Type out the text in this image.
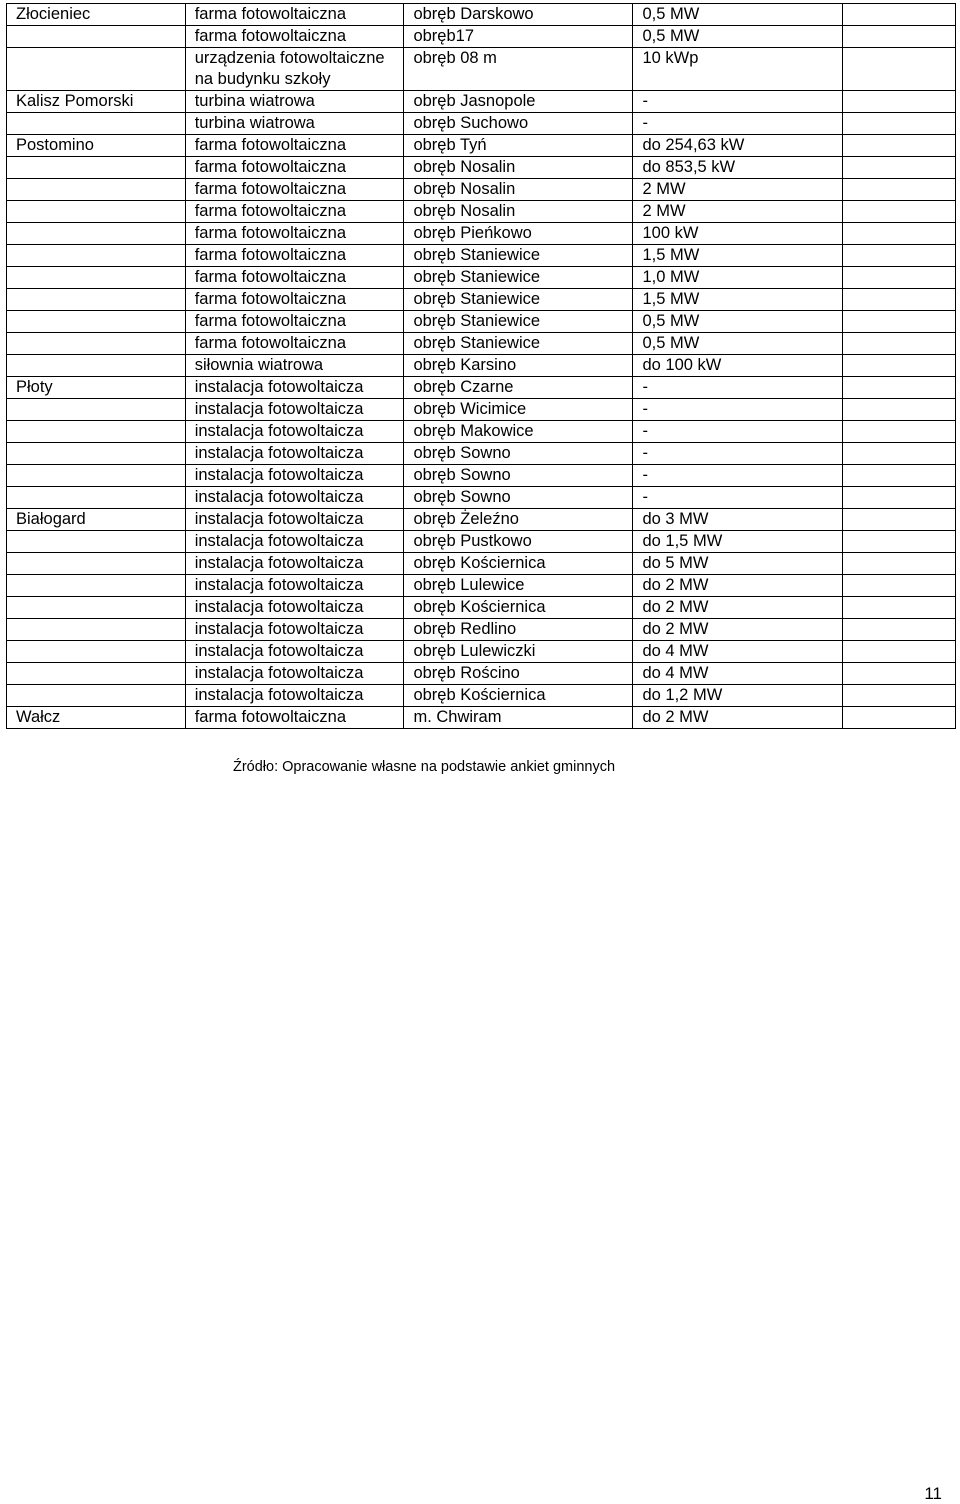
Złocieniec	farma fotowoltaiczna	obręb Darskowo	0,5 MW	
	farma fotowoltaiczna	obręb17	0,5 MW	
	urządzenia fotowoltaiczne na budynku szkoły	obręb 08 m	10 kWp	
Kalisz Pomorski	turbina wiatrowa	obręb Jasnopole	-	
	turbina wiatrowa	obręb Suchowo	-	
Postomino	farma fotowoltaiczna	obręb Tyń	do 254,63 kW	
	farma fotowoltaiczna	obręb Nosalin	do 853,5 kW	
	farma fotowoltaiczna	obręb Nosalin	2 MW	
	farma fotowoltaiczna	obręb Nosalin	2 MW	
	farma fotowoltaiczna	obręb Pieńkowo	100 kW	
	farma fotowoltaiczna	obręb Staniewice	1,5 MW	
	farma fotowoltaiczna	obręb Staniewice	1,0 MW	
	farma fotowoltaiczna	obręb Staniewice	1,5 MW	
	farma fotowoltaiczna	obręb Staniewice	0,5 MW	
	farma fotowoltaiczna	obręb Staniewice	0,5 MW	
	siłownia wiatrowa	obręb Karsino	do 100 kW	
Płoty	instalacja fotowoltaicza	obręb Czarne	-	
	instalacja fotowoltaicza	obręb Wicimice	-	
	instalacja fotowoltaicza	obręb Makowice	-	
	instalacja fotowoltaicza	obręb Sowno	-	
	instalacja fotowoltaicza	obręb Sowno	-	
	instalacja fotowoltaicza	obręb Sowno	-	
Białogard	instalacja fotowoltaicza	obręb Żeleźno	do 3 MW	
	instalacja fotowoltaicza	obręb Pustkowo	do 1,5 MW	
	instalacja fotowoltaicza	obręb Kościernica	do 5 MW	
	instalacja fotowoltaicza	obręb Lulewice	do 2 MW	
	instalacja fotowoltaicza	obręb Kościernica	do 2 MW	
	instalacja fotowoltaicza	obręb Redlino	do 2 MW	
	instalacja fotowoltaicza	obręb Lulewiczki	do 4 MW	
	instalacja fotowoltaicza	obręb Rościno	do 4 MW	
	instalacja fotowoltaicza	obręb Kościernica	do 1,2 MW	
Wałcz	farma fotowoltaiczna	m. Chwiram	do 2 MW	
Źródło: Opracowanie własne na podstawie ankiet gminnych
11
